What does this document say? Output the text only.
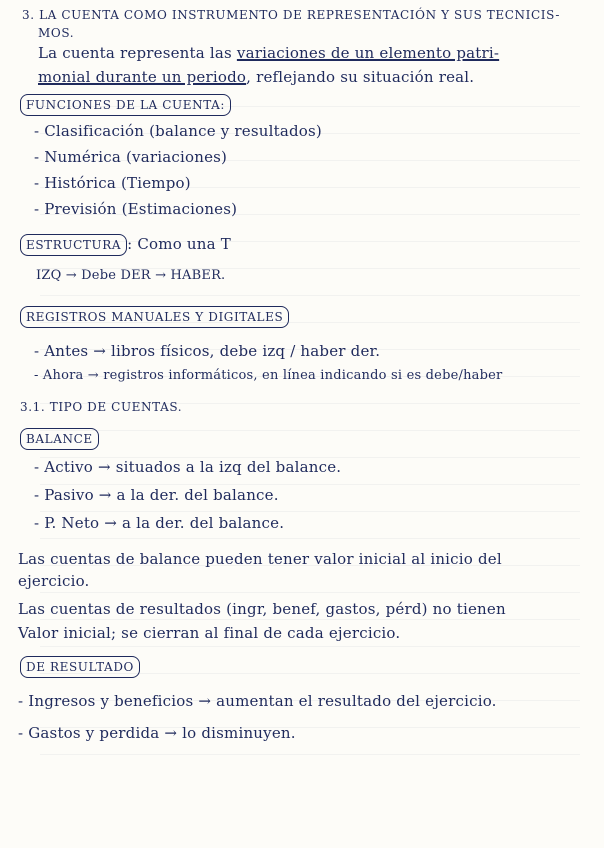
3. LA CUENTA COMO INSTRUMENTO DE REPRESENTACIÓN Y SUS TECNICIS-
MOS.
La cuenta representa las variaciones de un elemento patri-
monial durante un periodo, reflejando su situación real.
FUNCIONES DE LA CUENTA:
- Clasificación (balance y resultados)
- Numérica (variaciones)
- Histórica (Tiempo)
- Previsión (Estimaciones)
ESTRUCTURA : Como una T
IZQ → Debe DER → HABER.
REGISTROS MANUALES Y DIGITALES
- Antes → libros físicos, debe izq / haber der.
- Ahora → registros informáticos, en línea indicando si es debe/haber
3.1. TIPO DE CUENTAS.
BALANCE
- Activo → situados a la izq del balance.
- Pasivo → a la der. del balance.
- P. Neto → a la der. del balance.
Las cuentas de balance pueden tener valor inicial al inicio del
ejercicio.
Las cuentas de resultados (ingr, benef, gastos, pérd) no tienen
Valor inicial; se cierran al final de cada ejercicio.
DE RESULTADO
- Ingresos y beneficios → aumentan el resultado del ejercicio.
- Gastos y perdida → lo disminuyen.
